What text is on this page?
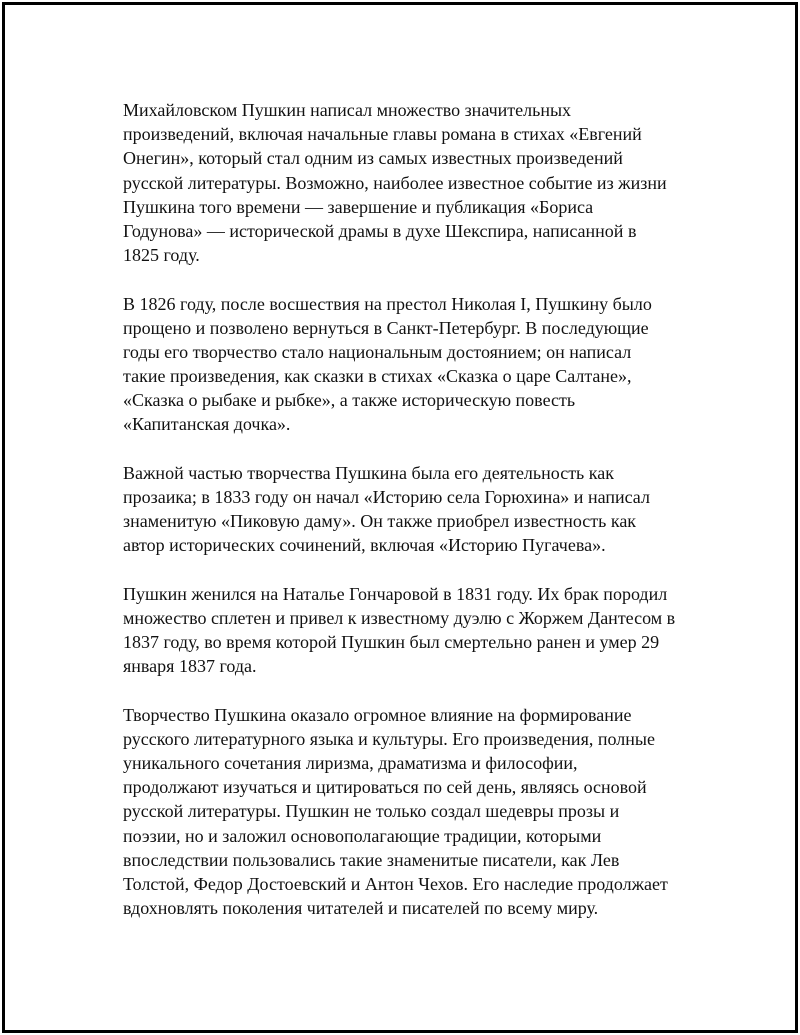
Михайловском Пушкин написал множество значительных
произведений, включая начальные главы романа в стихах «Евгений
Онегин», который стал одним из самых известных произведений
русской литературы. Возможно, наиболее известное событие из жизни
Пушкина того времени — завершение и публикация «Бориса
Годунова» — исторической драмы в духе Шекспира, написанной в
1825 году.

В 1826 году, после восшествия на престол Николая I, Пушкину было
прощено и позволено вернуться в Санкт-Петербург. В последующие
годы его творчество стало национальным достоянием; он написал
такие произведения, как сказки в стихах «Сказка о царе Салтане»,
«Сказка о рыбаке и рыбке», а также историческую повесть
«Капитанская дочка».

Важной частью творчества Пушкина была его деятельность как
прозаика; в 1833 году он начал «Историю села Горюхина» и написал
знаменитую «Пиковую даму». Он также приобрел известность как
автор исторических сочинений, включая «Историю Пугачева».

Пушкин женился на Наталье Гончаровой в 1831 году. Их брак породил
множество сплетен и привел к известному дуэлю с Жоржем Дантесом в
1837 году, во время которой Пушкин был смертельно ранен и умер 29
января 1837 года.

Творчество Пушкина оказало огромное влияние на формирование
русского литературного языка и культуры. Его произведения, полные
уникального сочетания лиризма, драматизма и философии,
продолжают изучаться и цитироваться по сей день, являясь основой
русской литературы. Пушкин не только создал шедевры прозы и
поэзии, но и заложил основополагающие традиции, которыми
впоследствии пользовались такие знаменитые писатели, как Лев
Толстой, Федор Достоевский и Антон Чехов. Его наследие продолжает
вдохновлять поколения читателей и писателей по всему миру.
